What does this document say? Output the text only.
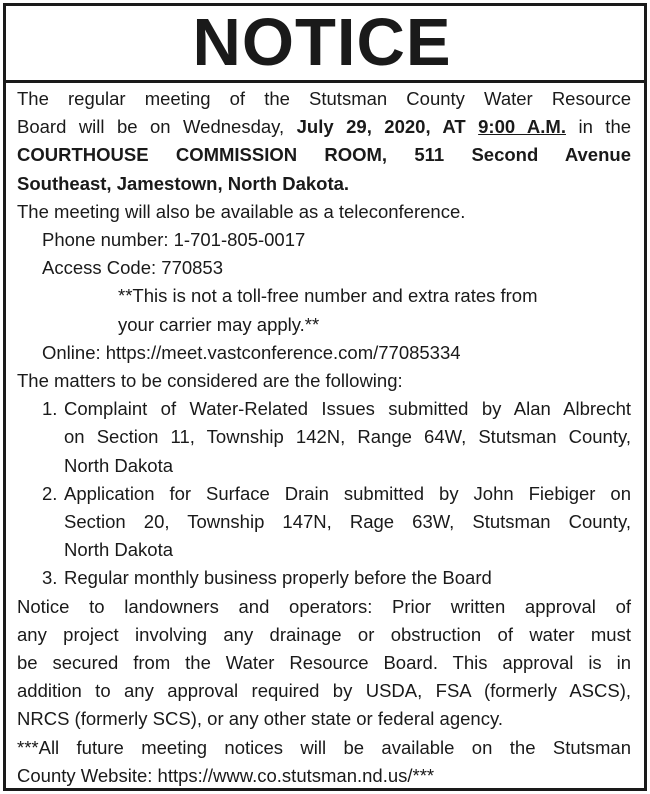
NOTICE
The regular meeting of the Stutsman County Water Resource
Board will be on Wednesday, July 29, 2020, AT 9:00 A.M. in the
COURTHOUSE COMMISSION ROOM, 511 Second Avenue
Southeast, Jamestown, North Dakota.
The meeting will also be available as a teleconference.
Phone number: 1-701-805-0017
Access Code: 770853
**This is not a toll-free number and extra rates from
your carrier may apply.**
Online: https://meet.vastconference.com/77085334
The matters to be considered are the following:
1. Complaint of Water-Related Issues submitted by Alan Albrecht
on Section 11, Township 142N, Range 64W, Stutsman County,
North Dakota
2. Application for Surface Drain submitted by John Fiebiger on
Section 20, Township 147N, Rage 63W, Stutsman County,
North Dakota
3. Regular monthly business properly before the Board
Notice to landowners and operators: Prior written approval of
any project involving any drainage or obstruction of water must
be secured from the Water Resource Board. This approval is in
addition to any approval required by USDA, FSA (formerly ASCS),
NRCS (formerly SCS), or any other state or federal agency.
***All future meeting notices will be available on the Stutsman
County Website: https://www.co.stutsman.nd.us/***
